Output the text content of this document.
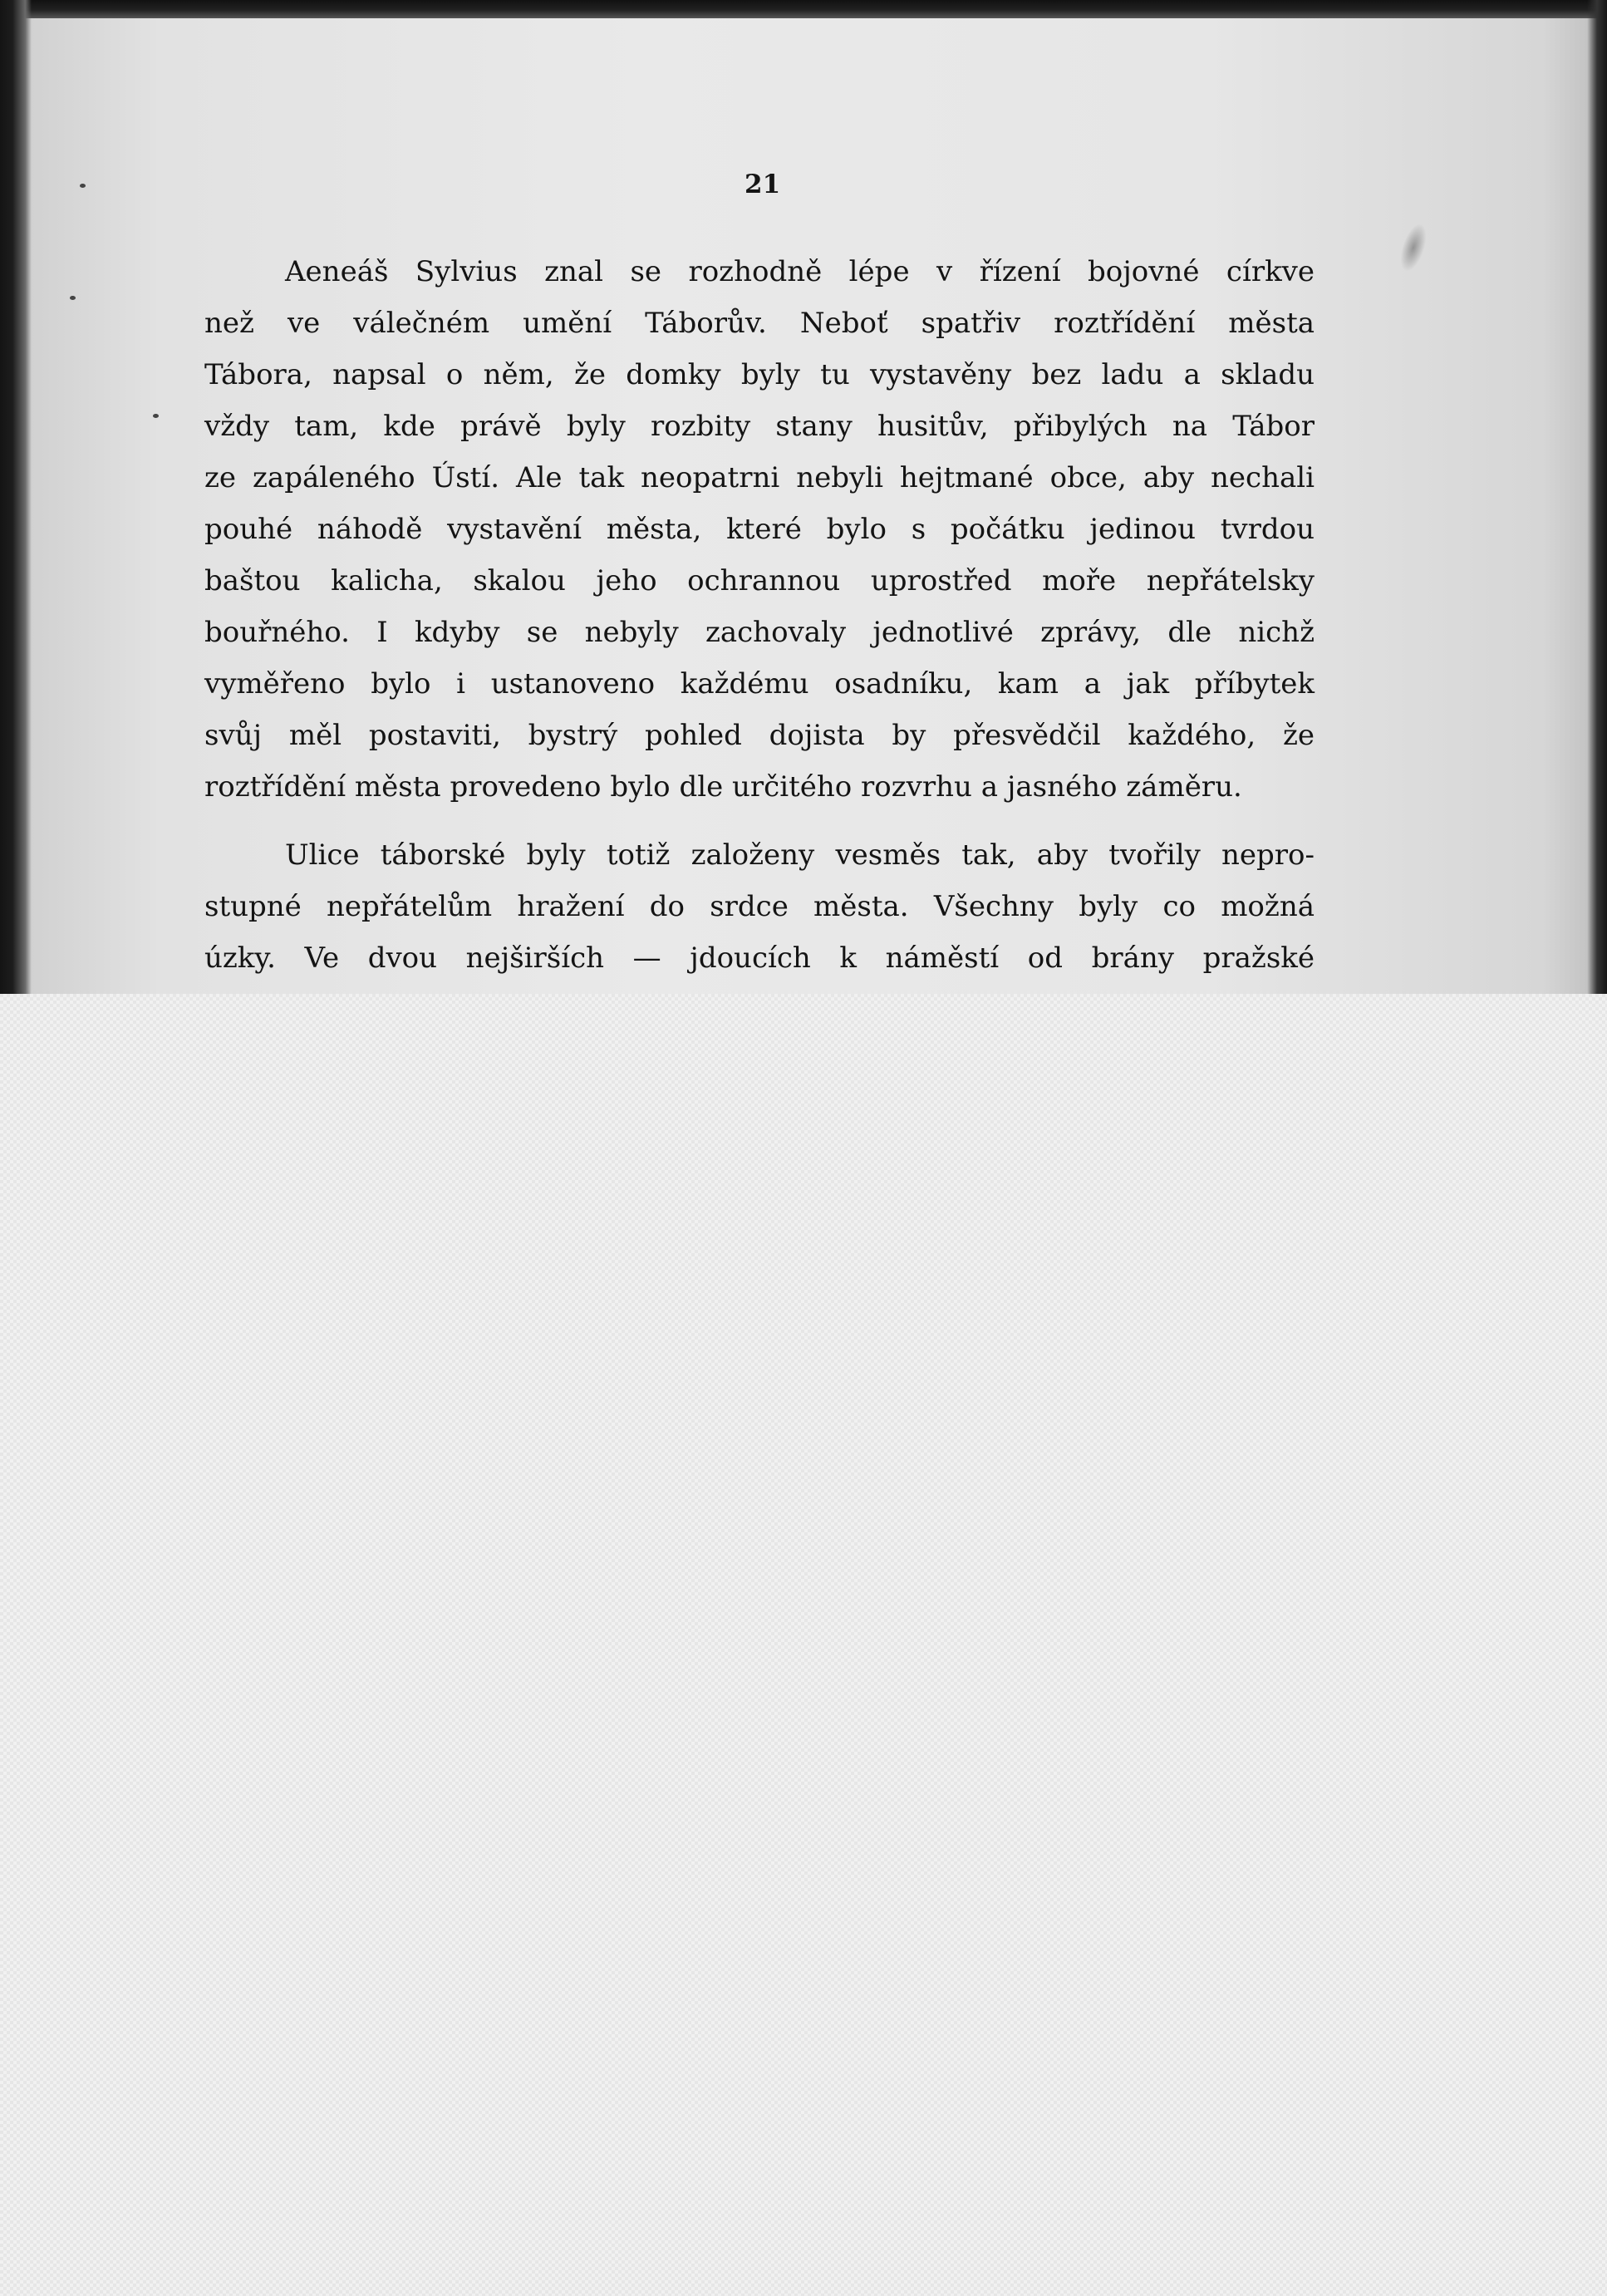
21
Aeneáš Sylvius znal se rozhodně lépe v řízení bojovné církve
než ve válečném umění Táborův. Neboť spatřiv roztřídění města
Tábora, napsal o něm, že domky byly tu vystavěny bez ladu a skladu
vždy tam, kde právě byly rozbity stany husitův, přibylých na Tábor
ze zapáleného Ústí. Ale tak neopatrni nebyli hejtmané obce, aby nechali
pouhé náhodě vystavění města, které bylo s počátku jedinou tvrdou
baštou kalicha, skalou jeho ochrannou uprostřed moře nepřátelsky
bouřného. I kdyby se nebyly zachovaly jednotlivé zprávy, dle nichž
vyměřeno bylo i ustanoveno každému osadníku, kam a jak příbytek
svůj měl postaviti, bystrý pohled dojista by přesvědčil každého, že
roztřídění města provedeno bylo dle určitého rozvrhu a jasného záměru.
Ulice táborské byly totiž založeny vesměs tak, aby tvořily nepro-
stupné nepřátelům hražení do srdce města. Všechny byly co možná
úzky. Ve dvou nejširších — jdoucích k náměstí od brány pražské
